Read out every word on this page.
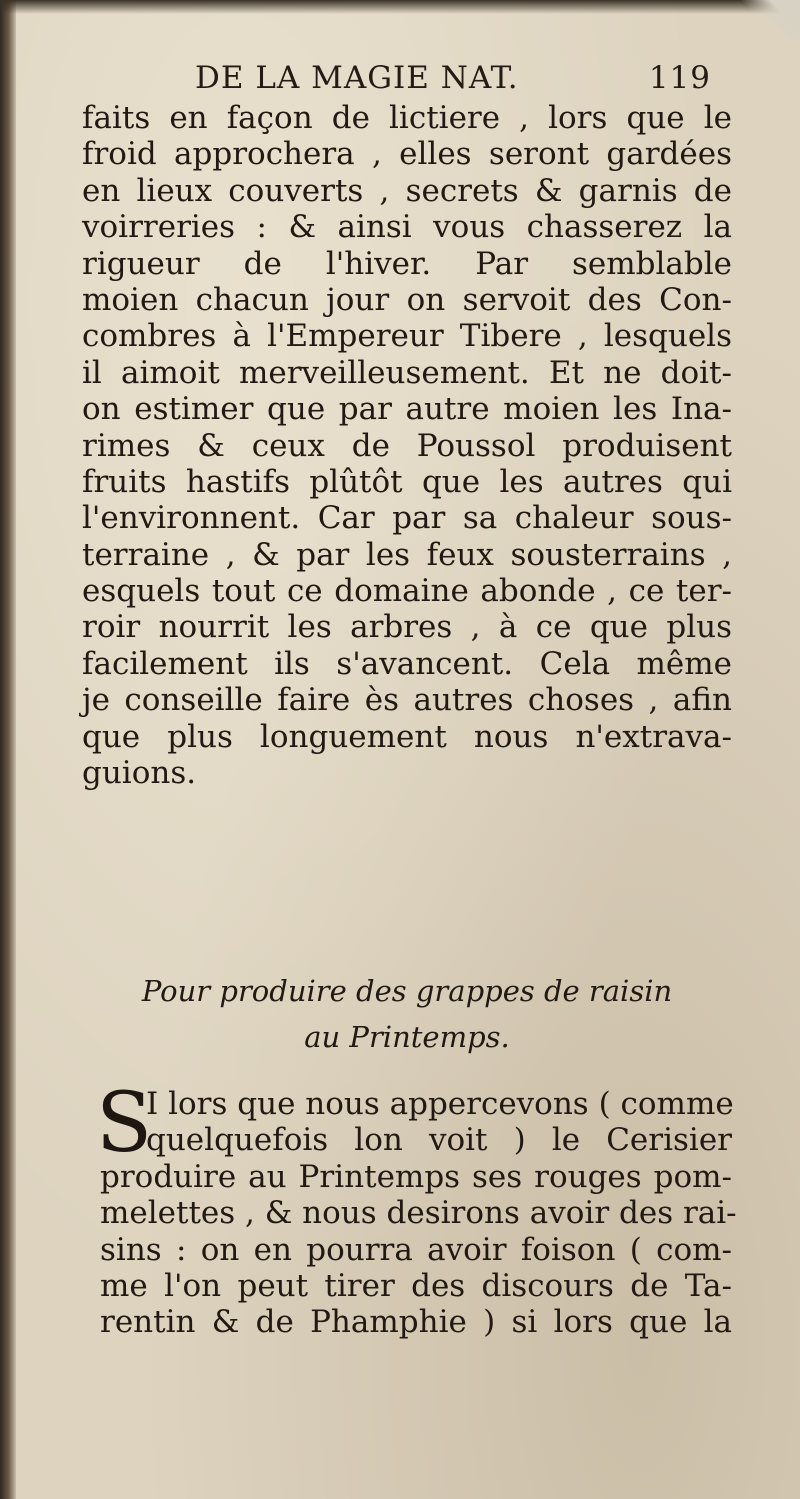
DE LA MAGIE NAT.	119
faits en façon de lictiere , lors que le
froid approchera , elles seront gardées
en lieux couverts , secrets & garnis de
voirreries : & ainsi vous chasserez la
rigueur de l'hiver. Par semblable
moien chacun jour on servoit des Con-
combres à l'Empereur Tibere , lesquels
il aimoit merveilleusement. Et ne doit-
on estimer que par autre moien les Ina-
rimes & ceux de Poussol produisent
fruits hastifs plûtôt que les autres qui
l'environnent. Car par sa chaleur sous-
terraine , & par les feux sousterrains ,
esquels tout ce domaine abonde , ce ter-
roir nourrit les arbres , à ce que plus
facilement ils s'avancent. Cela même
je conseille faire ès autres choses , afin
que plus longuement nous n'extrava-
guions.
Pour produire des grappes de raisin
au Printemps.
S
I lors que nous appercevons ( comme
quelquefois lon voit ) le Cerisier
produire au Printemps ses rouges pom-
melettes , & nous desirons avoir des rai-
sins : on en pourra avoir foison ( com-
me l'on peut tirer des discours de Ta-
rentin & de Phamphie ) si lors que la
